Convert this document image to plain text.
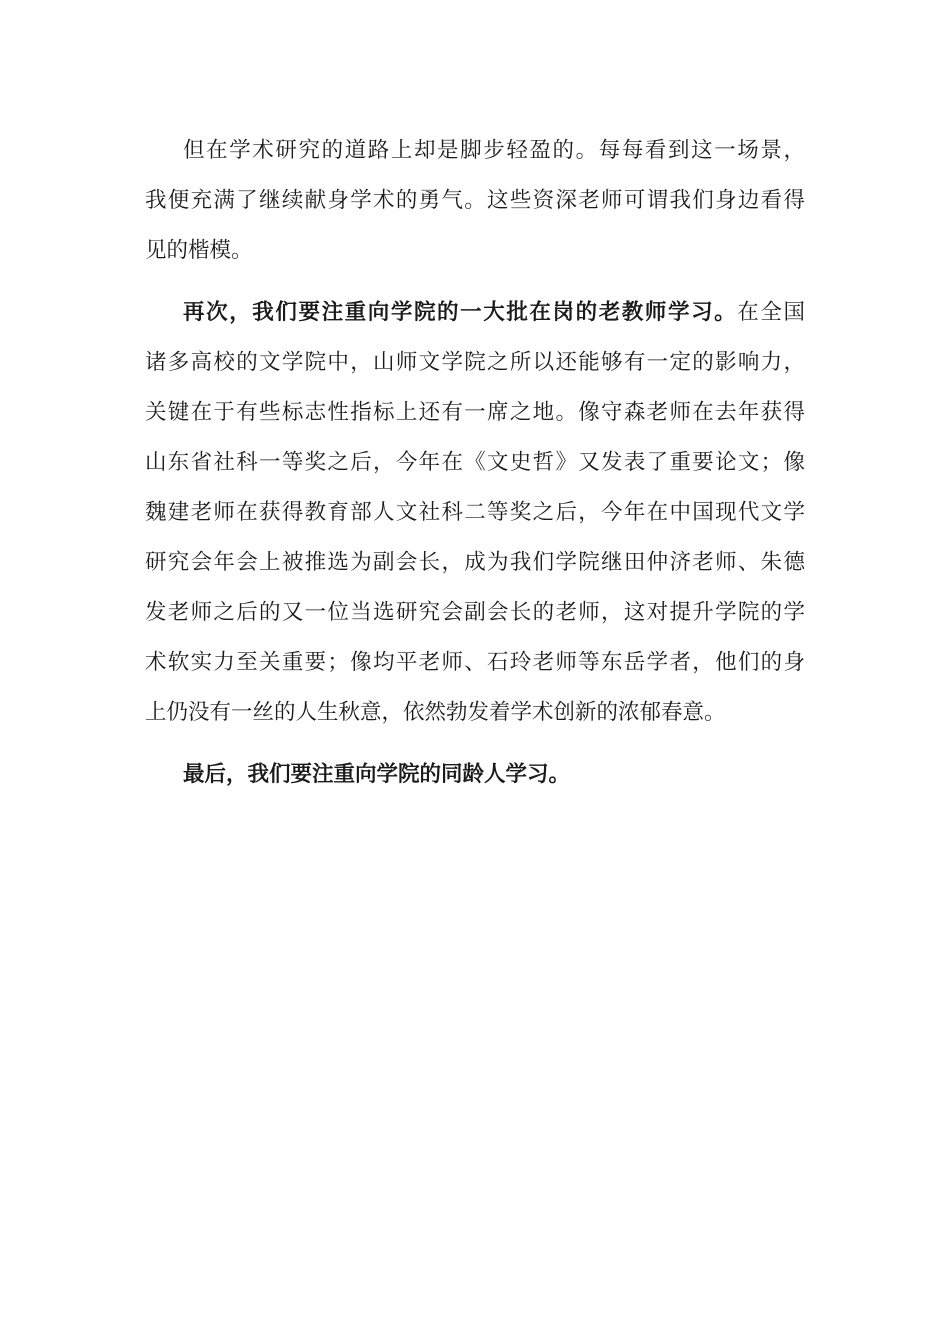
但在学术研究的道路上却是脚步轻盈的。每每看到这一场景，
我便充满了继续献身学术的勇气。这些资深老师可谓我们身边看得
见的楷模。
再次，我们要注重向学院的一大批在岗的老教师学习。在全国
诸多高校的文学院中，山师文学院之所以还能够有一定的影响力，
关键在于有些标志性指标上还有一席之地。像守森老师在去年获得
山东省社科一等奖之后，今年在《文史哲》又发表了重要论文；像
魏建老师在获得教育部人文社科二等奖之后，今年在中国现代文学
研究会年会上被推选为副会长，成为我们学院继田仲济老师、朱德
发老师之后的又一位当选研究会副会长的老师，这对提升学院的学
术软实力至关重要；像均平老师、石玲老师等东岳学者，他们的身
上仍没有一丝的人生秋意，依然勃发着学术创新的浓郁春意。
最后，我们要注重向学院的同龄人学习。
